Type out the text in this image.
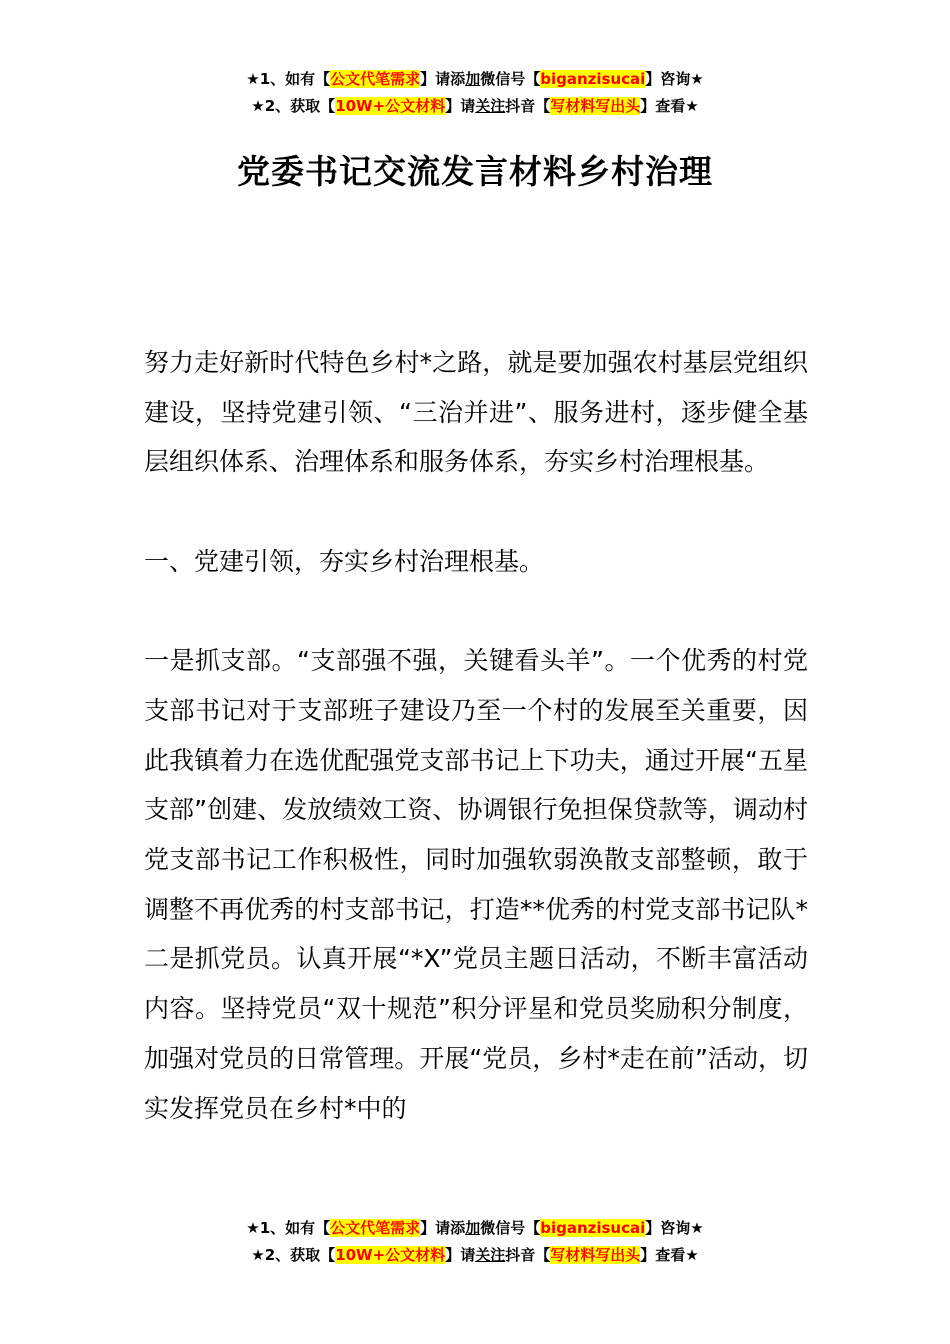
★1、如有【公文代笔需求】请添加微信号【biganzisucai】咨询★
★2、获取【10W+公文材料】请关注抖音【写材料写出头】查看★
党委书记交流发言材料乡村治理

努力走好新时代特色乡村*之路，就是要加强农村基层党组织建设，坚持党建引领、“三治并进”、服务进村，逐步健全基层组织体系、治理体系和服务体系，夯实乡村治理根基。

一、党建引领，夯实乡村治理根基。

一是抓支部。“支部强不强，关键看头羊”。一个优秀的村党支部书记对于支部班子建设乃至一个村的发展至关重要，因此我镇着力在选优配强党支部书记上下功夫，通过开展“五星支部”创建、发放绩效工资、协调银行免担保贷款等，调动村党支部书记工作积极性，同时加强软弱涣散支部整顿，敢于调整不再优秀的村支部书记，打造**优秀的村党支部书记队*二是抓党员。认真开展“*X”党员主题日活动，不断丰富活动内容。坚持党员“双十规范”积分评星和党员奖励积分制度，加强对党员的日常管理。开展“党员，乡村*走在前”活动，切实发挥党员在乡村*中的

★1、如有【公文代笔需求】请添加微信号【biganzisucai】咨询★
★2、获取【10W+公文材料】请关注抖音【写材料写出头】查看★
